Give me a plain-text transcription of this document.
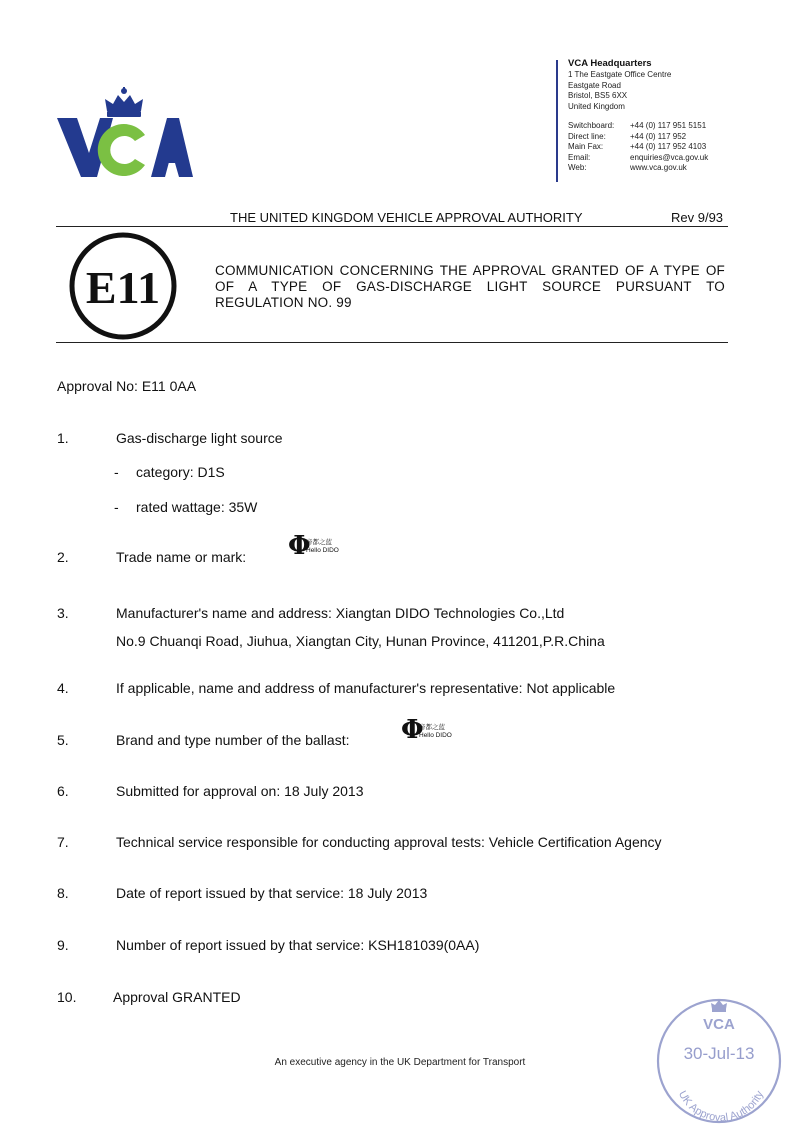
VCA Headquarters
1 The Eastgate Office Centre
Eastgate Road
Bristol, BS5 6XX
United Kingdom
Switchboard:	+44 (0) 117 951 5151
Direct line:	+44 (0) 117 952
Main Fax:	+44 (0) 117 952 4103
Email:	enquiries@vca.gov.uk
Web:	www.vca.gov.uk
THE UNITED KINGDOM VEHICLE APPROVAL AUTHORITY	Rev 9/93
E11	COMMUNICATION CONCERNING THE APPROVAL GRANTED OF A TYPE OF OF A TYPE OF GAS-DISCHARGE LIGHT SOURCE PURSUANT TO REGULATION NO. 99
Approval No: E11 0AA
1.	Gas-discharge light source
- category: D1S
- rated wattage: 35W
2.	Trade name or mark: Φ
帝都之蓝
Hello DIDO
3.	Manufacturer's name and address: Xiangtan DIDO Technologies Co.,Ltd
No.9 Chuanqi Road, Jiuhua, Xiangtan City, Hunan Province, 411201,P.R.China
4.	If applicable, name and address of manufacturer's representative: Not applicable
5.	Brand and type number of the ballast: Φ
帝都之蓝
Hello DIDO
6.	Submitted for approval on: 18 July 2013
7.	Technical service responsible for conducting approval tests: Vehicle Certification Agency
8.	Date of report issued by that service: 18 July 2013
9.	Number of report issued by that service: KSH181039(0AA)
10.	Approval GRANTED
An executive agency in the UK Department for Transport
VCA
30-Jul-13
UK Approval Authority
